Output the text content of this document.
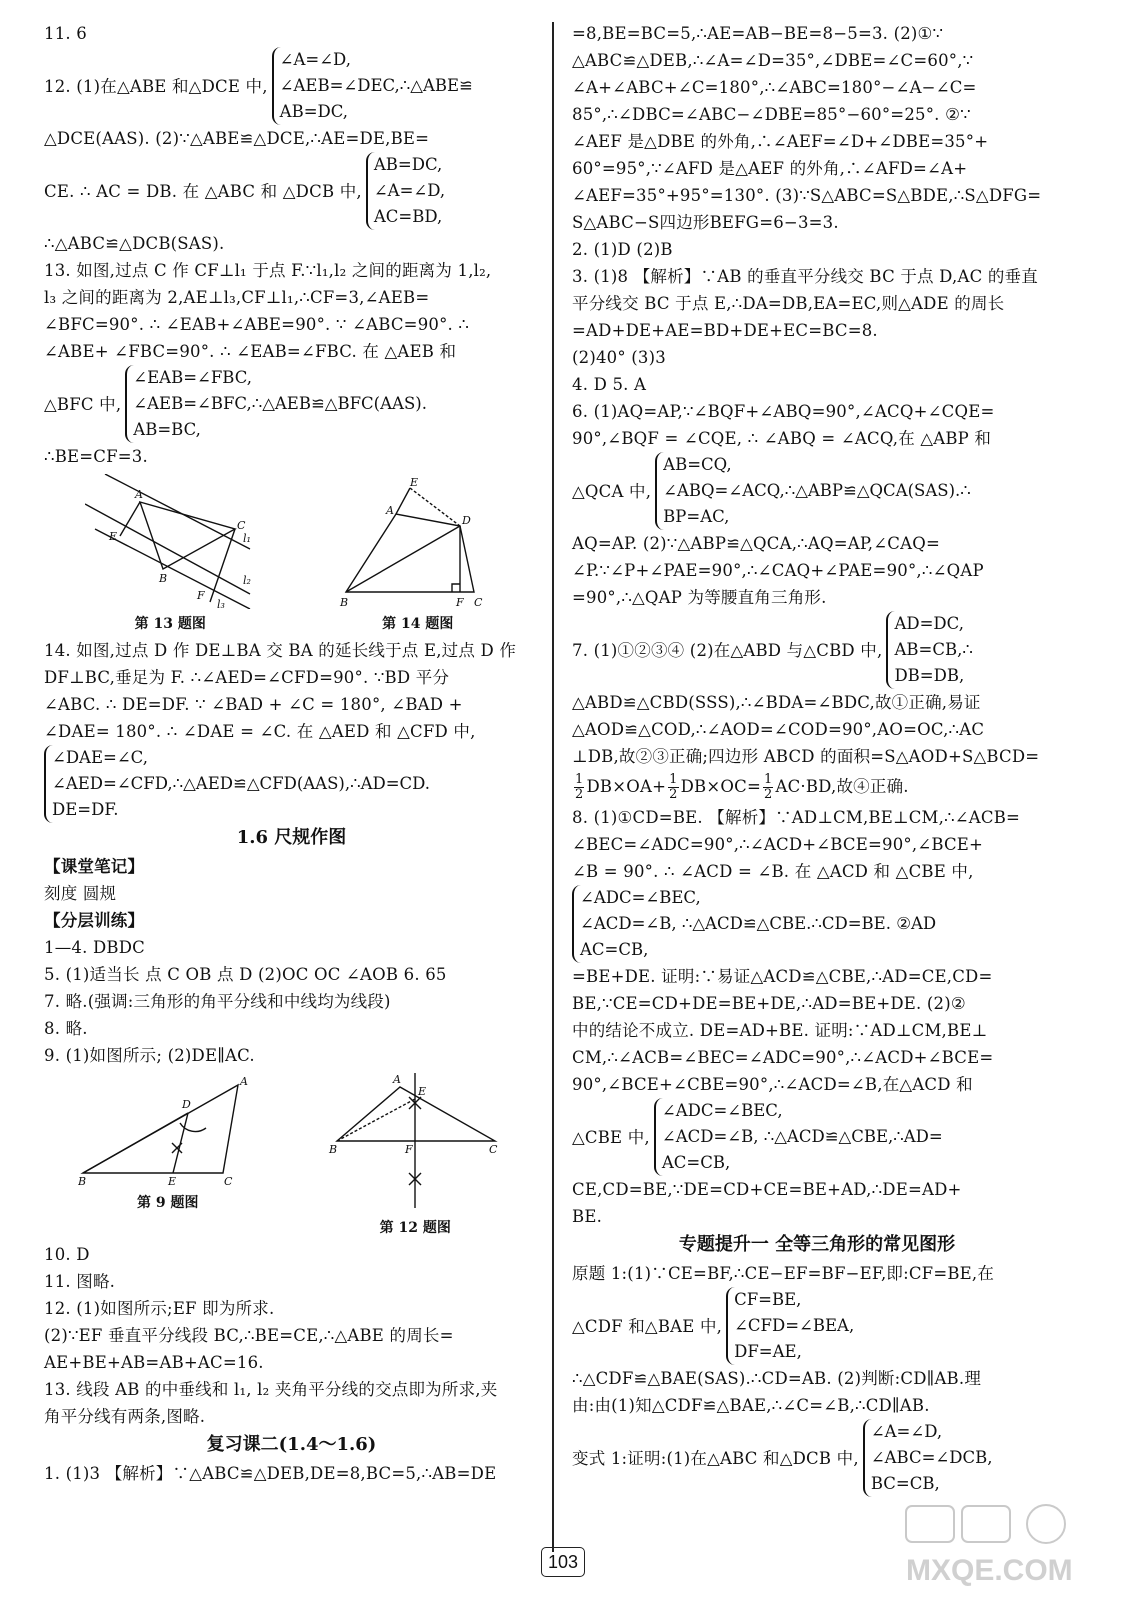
11. 6
12. (1)在△ABE 和△DCE 中,
∠A=∠D,
∠AEB=∠DEC,∴△ABE≌
AB=DC,
△DCE(AAS). (2)∵△ABE≌△DCE,∴AE=DE,BE=
CE. ∴ AC = DB. 在 △ABC 和 △DCB 中,
AB=DC,
∠A=∠D,
AC=BD,
∴△ABC≌△DCB(SAS).
13. 如图,过点 C 作 CF⊥l₁ 于点 F.∵l₁,l₂ 之间的距离为 1,l₂,
l₃ 之间的距离为 2,AE⊥l₃,CF⊥l₁,∴CF=3,∠AEB=
∠BFC=90°. ∴ ∠EAB+∠ABE=90°. ∵ ∠ABC=90°. ∴
∠ABE+ ∠FBC=90°. ∴ ∠EAB=∠FBC. 在 △AEB 和
△BFC 中,
∠EAB=∠FBC,
∠AEB=∠BFC,∴△AEB≌△BFC(AAS).
AB=BC,
∴BE=CF=3.
A
E
B
C
F
l₁
l₂
l₃
第 13 题图
A
E
D
B	F C
第 14 题图
14. 如图,过点 D 作 DE⊥BA 交 BA 的延长线于点 E,过点 D 作
DF⊥BC,垂足为 F. ∴∠AED=∠CFD=90°. ∵BD 平分
∠ABC. ∴ DE=DF. ∵ ∠BAD + ∠C = 180°, ∠BAD +
∠DAE= 180°. ∴ ∠DAE = ∠C. 在 △AED 和 △CFD 中,
∠DAE=∠C,
∠AED=∠CFD,∴△AED≌△CFD(AAS),∴AD=CD.
DE=DF.
1.6 尺规作图
【课堂笔记】
刻度 圆规
【分层训练】
1—4. DBDC
5. (1)适当长 点 C OB 点 D (2)OC OC ∠AOB 6. 65
7. 略.(强调:三角形的角平分线和中线均为线段)
8. 略.
9. (1)如图所示; (2)DE∥AC.
D
A
B	E	C
第 9 题图
A
E
B	F	C
第 12 题图
10. D
11. 图略.
12. (1)如图所示;EF 即为所求.
(2)∵EF 垂直平分线段 BC,∴BE=CE,∴△ABE 的周长=
AE+BE+AB=AB+AC=16.
13. 线段 AB 的中垂线和 l₁, l₂ 夹角平分线的交点即为所求,夹
角平分线有两条,图略.
复习课二(1.4～1.6)
1. (1)3 【解析】∵△ABC≌△DEB,DE=8,BC=5,∴AB=DE
=8,BE=BC=5,∴AE=AB−BE=8−5=3. (2)①∵
△ABC≌△DEB,∴∠A=∠D=35°,∠DBE=∠C=60°,∵
∠A+∠ABC+∠C=180°,∴∠ABC=180°−∠A−∠C=
85°,∴∠DBC=∠ABC−∠DBE=85°−60°=25°. ②∵
∠AEF 是△DBE 的外角,∴∠AEF=∠D+∠DBE=35°+
60°=95°,∵∠AFD 是△AEF 的外角,∴∠AFD=∠A+
∠AEF=35°+95°=130°. (3)∵S△ABC=S△BDE,∴S△DFG=
S△ABC−S四边形BEFG=6−3=3.
2. (1)D (2)B
3. (1)8 【解析】∵AB 的垂直平分线交 BC 于点 D,AC 的垂直
平分线交 BC 于点 E,∴DA=DB,EA=EC,则△ADE 的周长
=AD+DE+AE=BD+DE+EC=BC=8.
(2)40° (3)3
4. D 5. A
6. (1)AQ=AP,∵∠BQF+∠ABQ=90°,∠ACQ+∠CQE=
90°,∠BQF = ∠CQE, ∴ ∠ABQ = ∠ACQ,在 △ABP 和
△QCA 中,
AB=CQ,
∠ABQ=∠ACQ,∴△ABP≌△QCA(SAS).∴
BP=AC,
AQ=AP. (2)∵△ABP≌△QCA,∴AQ=AP,∠CAQ=
∠P.∵∠P+∠PAE=90°,∴∠CAQ+∠PAE=90°,∴∠QAP
=90°,∴△QAP 为等腰直角三角形.
7. (1)①②③④ (2)在△ABD 与△CBD 中,
AD=DC,
AB=CB,∴
DB=DB,
△ABD≌△CBD(SSS),∴∠BDA=∠BDC,故①正确,易证
△AOD≌△COD,∴∠AOD=∠COD=90°,AO=OC,∴AC
⊥DB,故②③正确;四边形 ABCD 的面积=S△AOD+S△BCD=
$\frac{1}{2} DB\times OA+ \frac{1}{2} DB\times OC= \frac{1}{2} AC\cdot BD$,故④正确.
8. (1)①CD=BE. 【解析】∵AD⊥CM,BE⊥CM,∴∠ACB=
∠BEC=∠ADC=90°,∴∠ACD+∠BCE=90°,∠BCE+
∠B = 90°. ∴ ∠ACD = ∠B. 在 △ACD 和 △CBE 中,
∠ADC=∠BEC,
∠ACD=∠B, ∴△ACD≌△CBE.∴CD=BE. ②AD
AC=CB,
=BE+DE. 证明:∵易证△ACD≌△CBE,∴AD=CE,CD=
BE,∵CE=CD+DE=BE+DE,∴AD=BE+DE. (2)②
中的结论不成立. DE=AD+BE. 证明:∵AD⊥CM,BE⊥
CM,∴∠ACB=∠BEC=∠ADC=90°,∴∠ACD+∠BCE=
90°,∠BCE+∠CBE=90°,∴∠ACD=∠B,在△ACD 和
△CBE 中,
∠ADC=∠BEC,
∠ACD=∠B, ∴△ACD≌△CBE,∴AD=
AC=CB,
CE,CD=BE,∵DE=CD+CE=BE+AD,∴DE=AD+
BE.
专题提升一 全等三角形的常见图形
原题 1:(1)∵CE=BF,∴CE−EF=BF−EF,即:CF=BE,在
△CDF 和△BAE 中,
CF=BE,
∠CFD=∠BEA,
DF=AE,
∴△CDF≌△BAE(SAS).∴CD=AB. (2)判断:CD∥AB.理
由:由(1)知△CDF≌△BAE,∴∠C=∠B,∴CD∥AB.
变式 1:证明:(1)在△ABC 和△DCB 中,
∠A=∠D,
∠ABC=∠DCB,
BC=CB,
103	MXQE.COM
